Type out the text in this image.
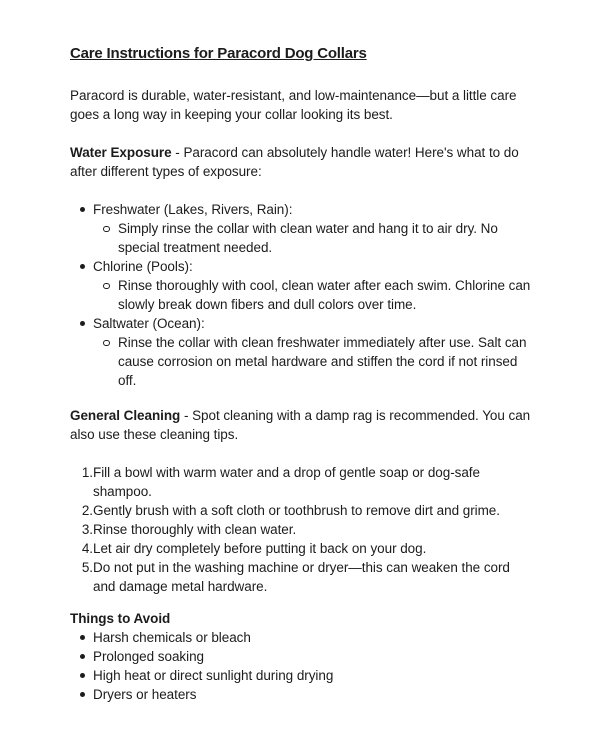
Care Instructions for Paracord Dog Collars

Paracord is durable, water-resistant, and low-maintenance—but a little care goes a long way in keeping your collar looking its best.

Water Exposure - Paracord can absolutely handle water! Here's what to do after different types of exposure:

Freshwater (Lakes, Rivers, Rain):
Simply rinse the collar with clean water and hang it to air dry. No special treatment needed.
Chlorine (Pools):
Rinse thoroughly with cool, clean water after each swim. Chlorine can slowly break down fibers and dull colors over time.
Saltwater (Ocean):
Rinse the collar with clean freshwater immediately after use. Salt can cause corrosion on metal hardware and stiffen the cord if not rinsed off.

General Cleaning - Spot cleaning with a damp rag is recommended. You can also use these cleaning tips.

Fill a bowl with warm water and a drop of gentle soap or dog-safe shampoo.
Gently brush with a soft cloth or toothbrush to remove dirt and grime.
Rinse thoroughly with clean water.
Let air dry completely before putting it back on your dog.
Do not put in the washing machine or dryer—this can weaken the cord and damage metal hardware.

Things to Avoid

Harsh chemicals or bleach
Prolonged soaking
High heat or direct sunlight during drying
Dryers or heaters
